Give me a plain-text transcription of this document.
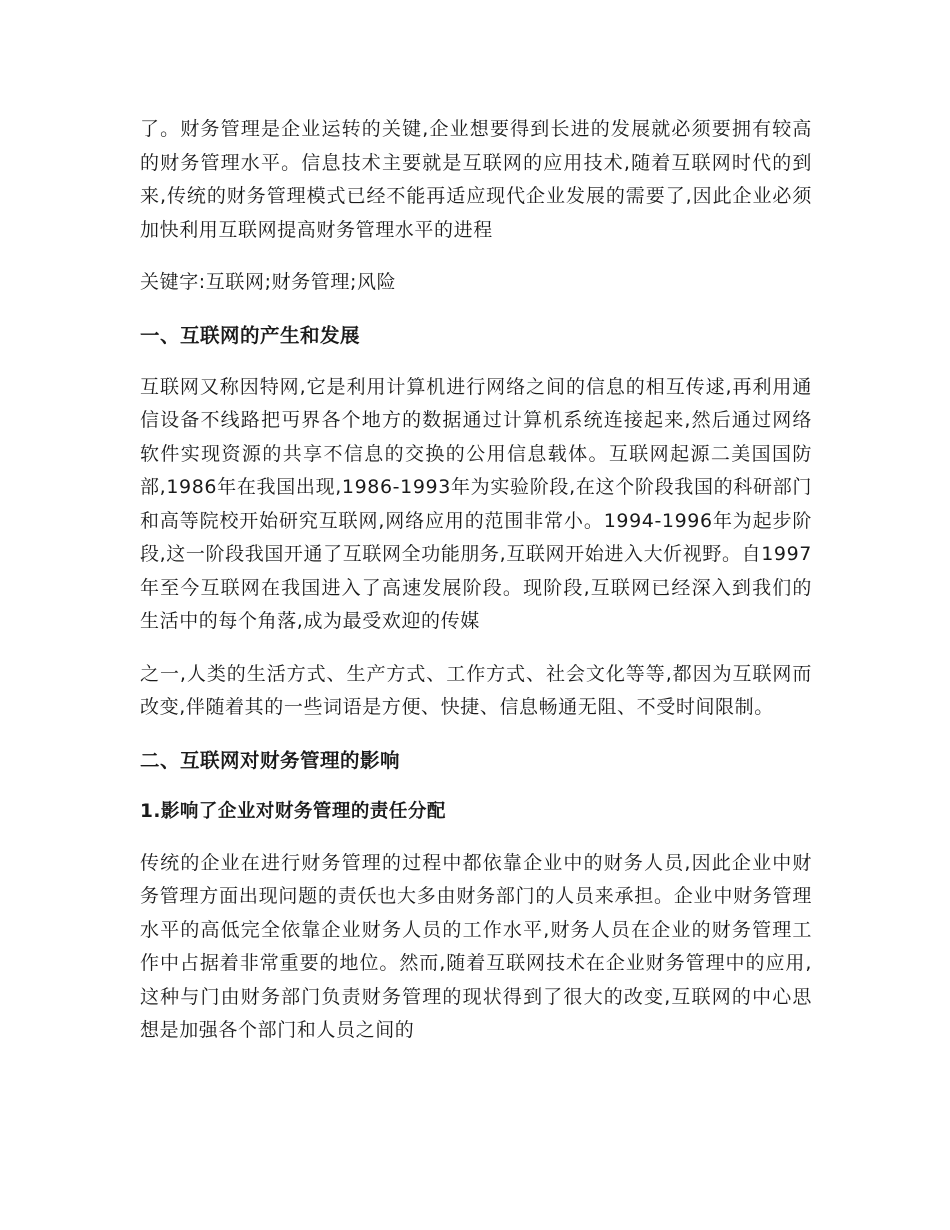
了。财务管理是企业运转的关键,企业想要得到长进的发展就必须要拥有较高的财务管理水平。信息技术主要就是互联网的应用技术,随着互联网时代的到来,传统的财务管理模式已经不能再适应现代企业发展的需要了,因此企业必须加快利用互联网提高财务管理水平的进程

关键字:互联网;财务管理;风险

一、互联网的产生和发展

互联网又称因特网,它是利用计算机进行网络之间的信息的相互传逑,再利用通信设备不线路把丏界各个地方的数据通过计算机系统连接起来,然后通过网络软件实现资源的共享不信息的交换的公用信息载体。互联网起源二美国国防部,1986年在我国出现,1986-1993年为实验阶段,在这个阶段我国的科研部门和高等院校开始研究互联网,网络应用的范围非常小。1994-1996年为起步阶段,这一阶段我国开通了互联网全功能朋务,互联网开始进入大伒视野。自1997年至今互联网在我国进入了高速发展阶段。现阶段,互联网已经深入到我们的生活中的每个角落,成为最受欢迎的传媒

之一,人类的生活方式、生产方式、工作方式、社会文化等等,都因为互联网而改变,伴随着其的一些词语是方便、快捷、信息畅通无阻、不受时间限制。

二、互联网对财务管理的影响
1.影响了企业对财务管理的责任分配

传统的企业在进行财务管理的过程中都依靠企业中的财务人员,因此企业中财务管理方面出现问题的责仸也大多由财务部门的人员来承担。企业中财务管理水平的高低完全依靠企业财务人员的工作水平,财务人员在企业的财务管理工作中占据着非常重要的地位。然而,随着互联网技术在企业财务管理中的应用,这种与门由财务部门负责财务管理的现状得到了很大的改变,互联网的中心思想是加强各个部门和人员之间的
